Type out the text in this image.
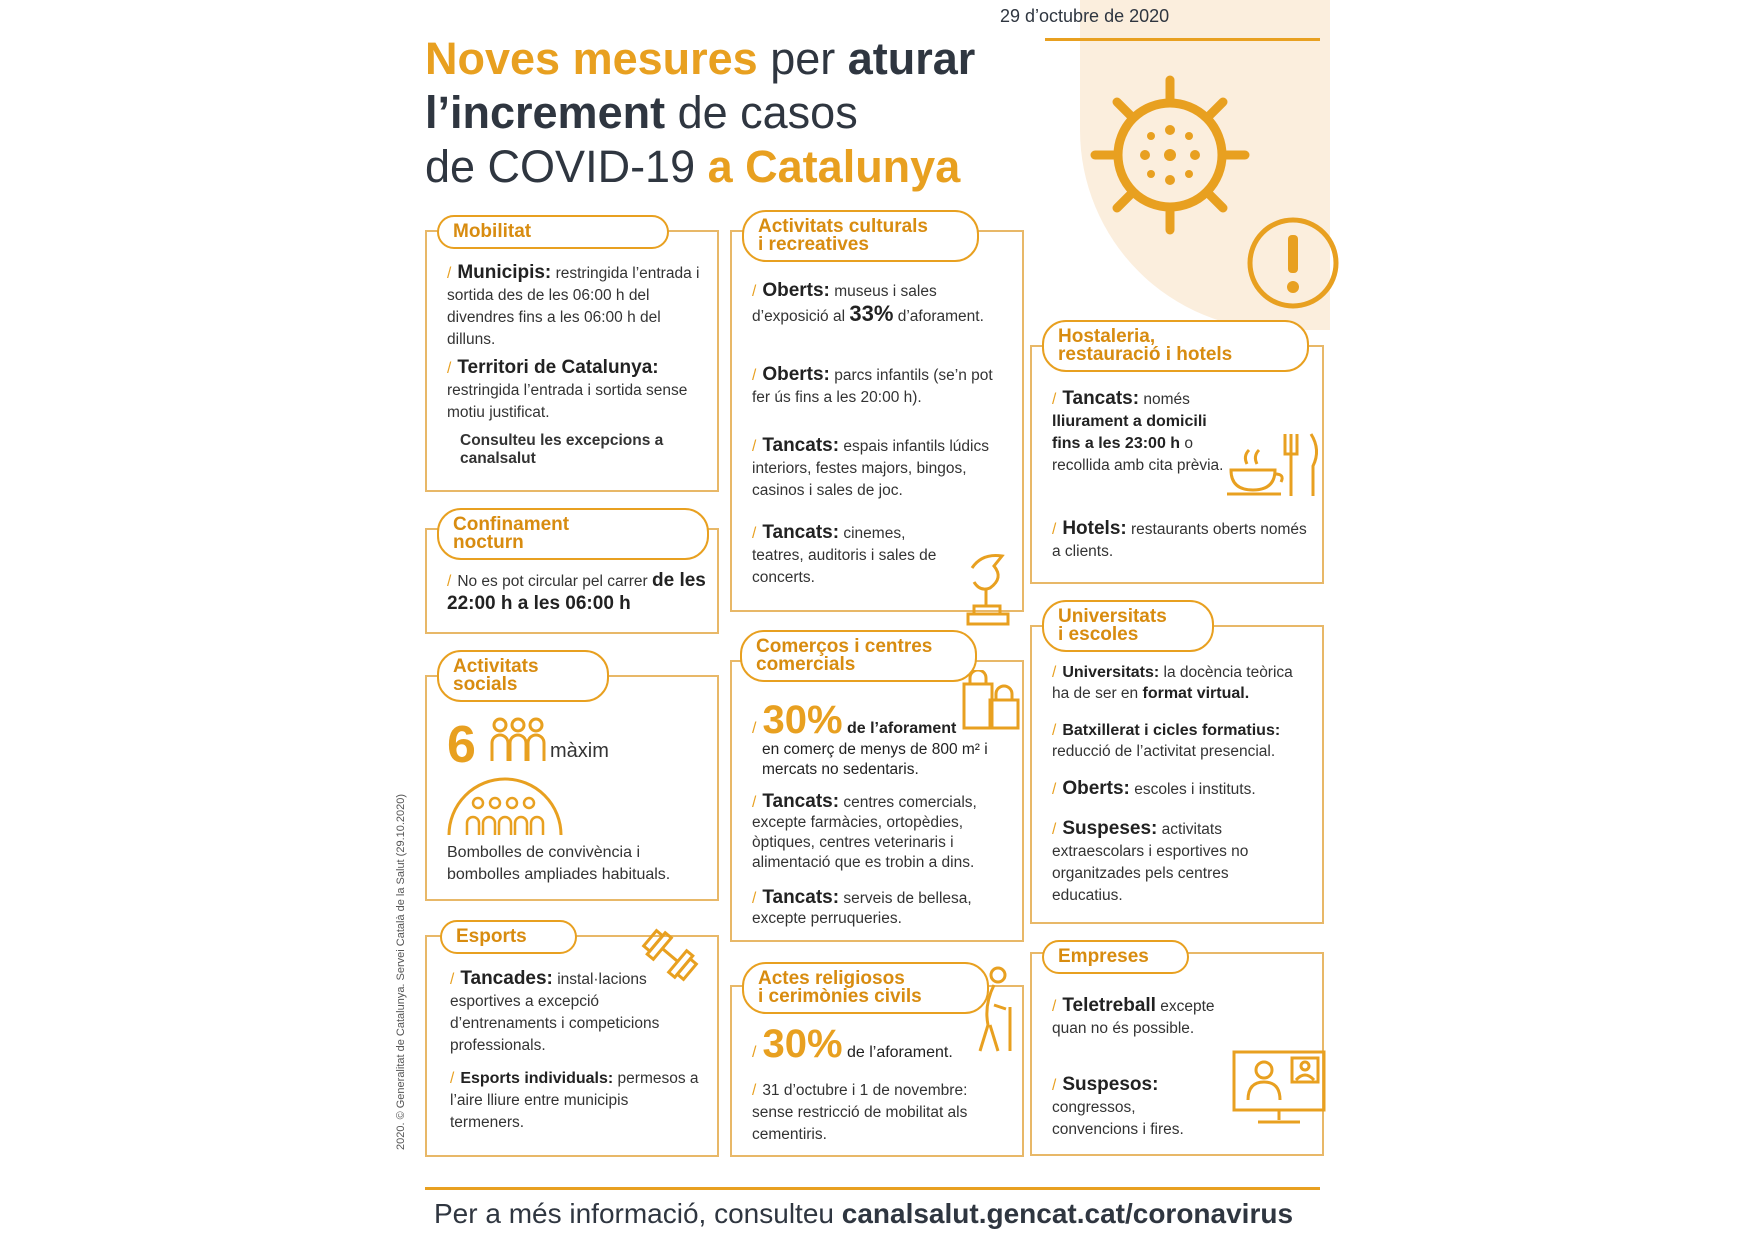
29 d’octubre de 2020
Noves mesures per aturar
l’increment de casos
de COVID-19 a Catalunya
Mobilitat
/ Municipis: restringida l’entrada i sortida des de les 06:00 h del divendres fins a les 06:00 h del dilluns.
/ Territori de Catalunya: restringida l’entrada i sortida sense motiu justificat.
Consulteu les excepcions a canalsalut
Confinament
nocturn
/ No es pot circular pel carrer de les 22:00 h a les 06:00 h
Activitats
socials
6	màxim
Bombolles de convivència i bombolles ampliades habituals.
Esports
/ Tancades: instal·lacions esportives a excepció d’entrenaments i competicions professionals.
/ Esports individuals: permesos a l’aire lliure entre municipis termeners.
Activitats culturals
i recreatives
/ Oberts: museus i sales d’exposició al 33% d’aforament.
/ Oberts: parcs infantils (se’n pot fer ús fins a les 20:00 h).
/ Tancats: espais infantils lúdics interiors, festes majors, bingos, casinos i sales de joc.
/ Tancats: cinemes, teatres, auditoris i sales de concerts.
Comerços i centres
comercials
/ 30% de l’aforament
en comerç de menys de 800 m² i mercats no sedentaris.
/ Tancats: centres comercials, excepte farmàcies, ortopèdies, òptiques, centres veterinaris i alimentació que es trobin a dins.
/ Tancats: serveis de bellesa, excepte perruqueries.
Actes religiosos
i cerimònies civils
/ 30% de l’aforament.
/ 31 d’octubre i 1 de novembre: sense restricció de mobilitat als cementiris.
Hostaleria,
restauració i hotels
/ Tancats: només lliurament a domicili fins a les 23:00 h o recollida amb cita prèvia.
/ Hotels: restaurants oberts només a clients.
Universitats
i escoles
/ Universitats: la docència teòrica ha de ser en format virtual.
/ Batxillerat i cicles formatius: reducció de l’activitat presencial.
/ Oberts: escoles i instituts.
/ Suspeses: activitats extraescolars i esportives no organitzades pels centres educatius.
Empreses
/ Teletreball excepte quan no és possible.
/ Suspesos: congressos, convencions i fires.
2020. © Generalitat de Catalunya. Servei Català de la Salut (29.10.2020)
Per a més informació, consulteu canalsalut.gencat.cat/coronavirus
